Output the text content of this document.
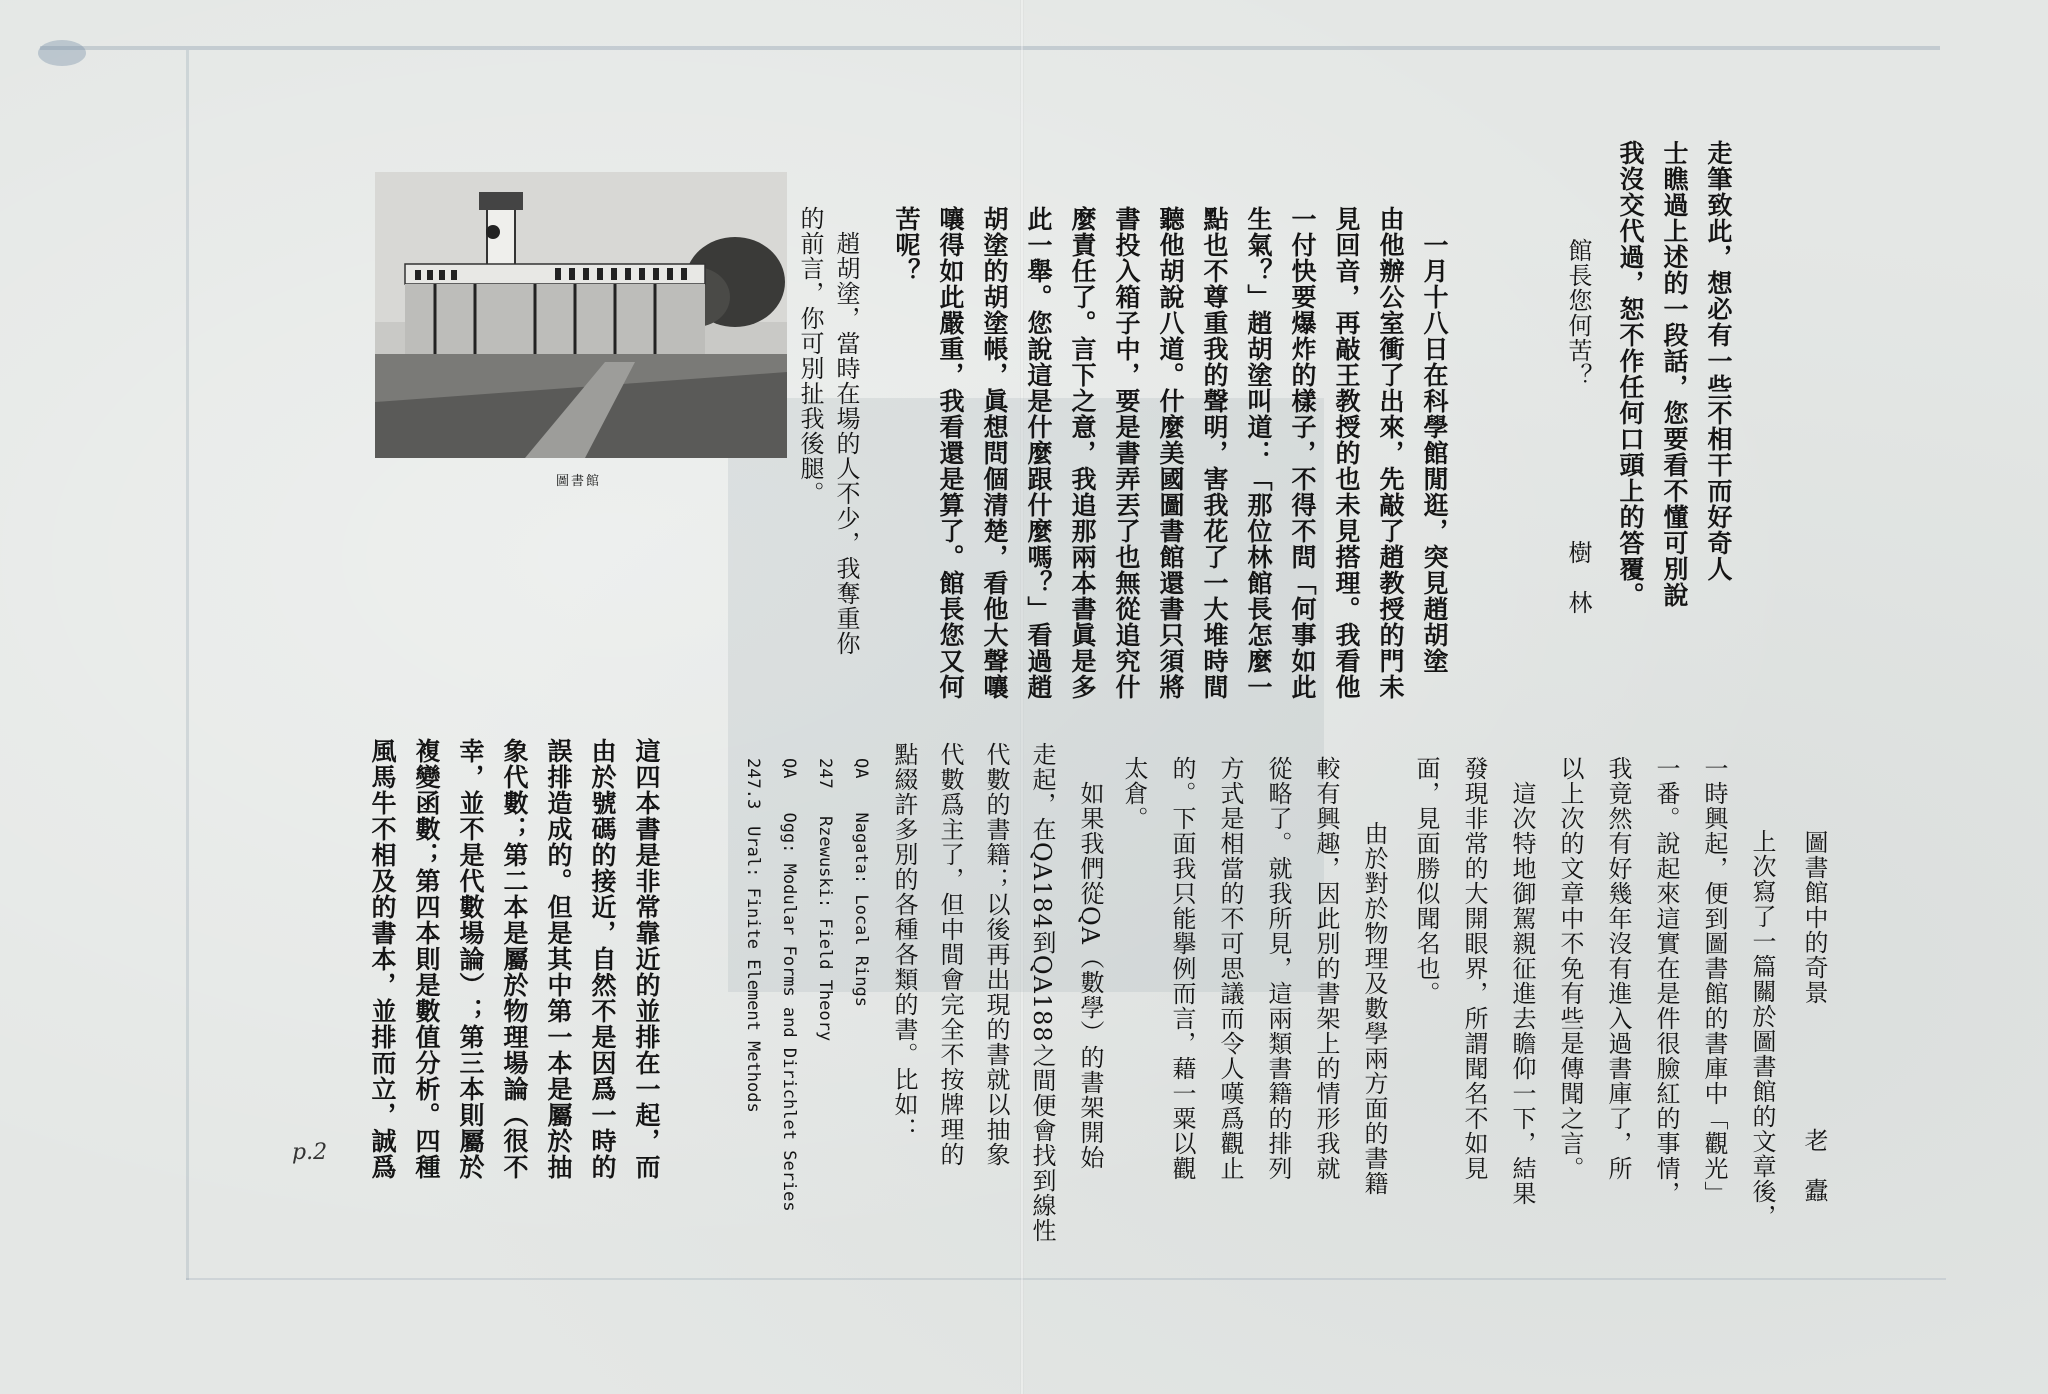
走筆致此，想必有一些不相干而好奇人
士瞧過上述的一段話，您要看不懂可別說
我沒交代過，恕不作任何口頭上的答覆。
館長您何苦？
樹　林
　一月十八日在科學館閒逛，突見趙胡塗
由他辦公室衝了出來，先敲了趙教授的門未
見回音，再敲王教授的也未見搭理。我看他
一付快要爆炸的樣子，不得不問「何事如此
生氣？」趙胡塗叫道：「那位林館長怎麼一
點也不尊重我的聲明，害我花了一大堆時間
聽他胡說八道。什麼美國圖書館還書只須將
書投入箱子中，要是書弄丟了也無從追究什
麼責任了。言下之意，我追那兩本書眞是多
此一舉。您說這是什麼跟什麼嗎？」看過趙
胡塗的胡塗帳，眞想問個清楚，看他大聲嚷
嚷得如此嚴重，我看還是算了。館長您又何
苦呢？
　趙胡塗，當時在場的人不少，我奪重你
的前言，你可別扯我後腿。
圖書館中的奇景
老　蠹
　上次寫了一篇關於圖書館的文章後，
一時興起，便到圖書館的書庫中「觀光」
一番。說起來這實在是件很臉紅的事情，
我竟然有好幾年沒有進入過書庫了，所
以上次的文章中不免有些是傳聞之言。
　這次特地御駕親征進去瞻仰一下，結果
發現非常的大開眼界，所謂聞名不如見
面，見面勝似聞名也。
　由於對於物理及數學兩方面的書籍
較有興趣，因此別的書架上的情形我就
從略了。就我所見，這兩類書籍的排列
方式是相當的不可思議而令人嘆爲觀止
的。下面我只能擧例而言，藉一粟以觀
太倉。
　如果我們從QA（數學）的書架開始
走起，在QA184到QA188之間便會找到線性
代數的書籍；以後再出現的書就以抽象
代數爲主了，但中間會完全不按牌理的
點綴許多別的各種各類的書。比如：
QA　　Nagata: Local Rings
247　 Rzewuski: Field Theory
QA　　Ogg: Modular Forms and Dirichlet Series
247.3　Ural: Finite Element Methods
這四本書是非常靠近的並排在一起，而
由於號碼的接近，自然不是因爲一時的
誤排造成的。但是其中第一本是屬於抽
象代數；第二本是屬於物理場論（很不
幸，並不是代數場論）；第三本則屬於
複變函數；第四本則是數值分析。四種
風馬牛不相及的書本，並排而立，誠爲
圖書館
p.2
